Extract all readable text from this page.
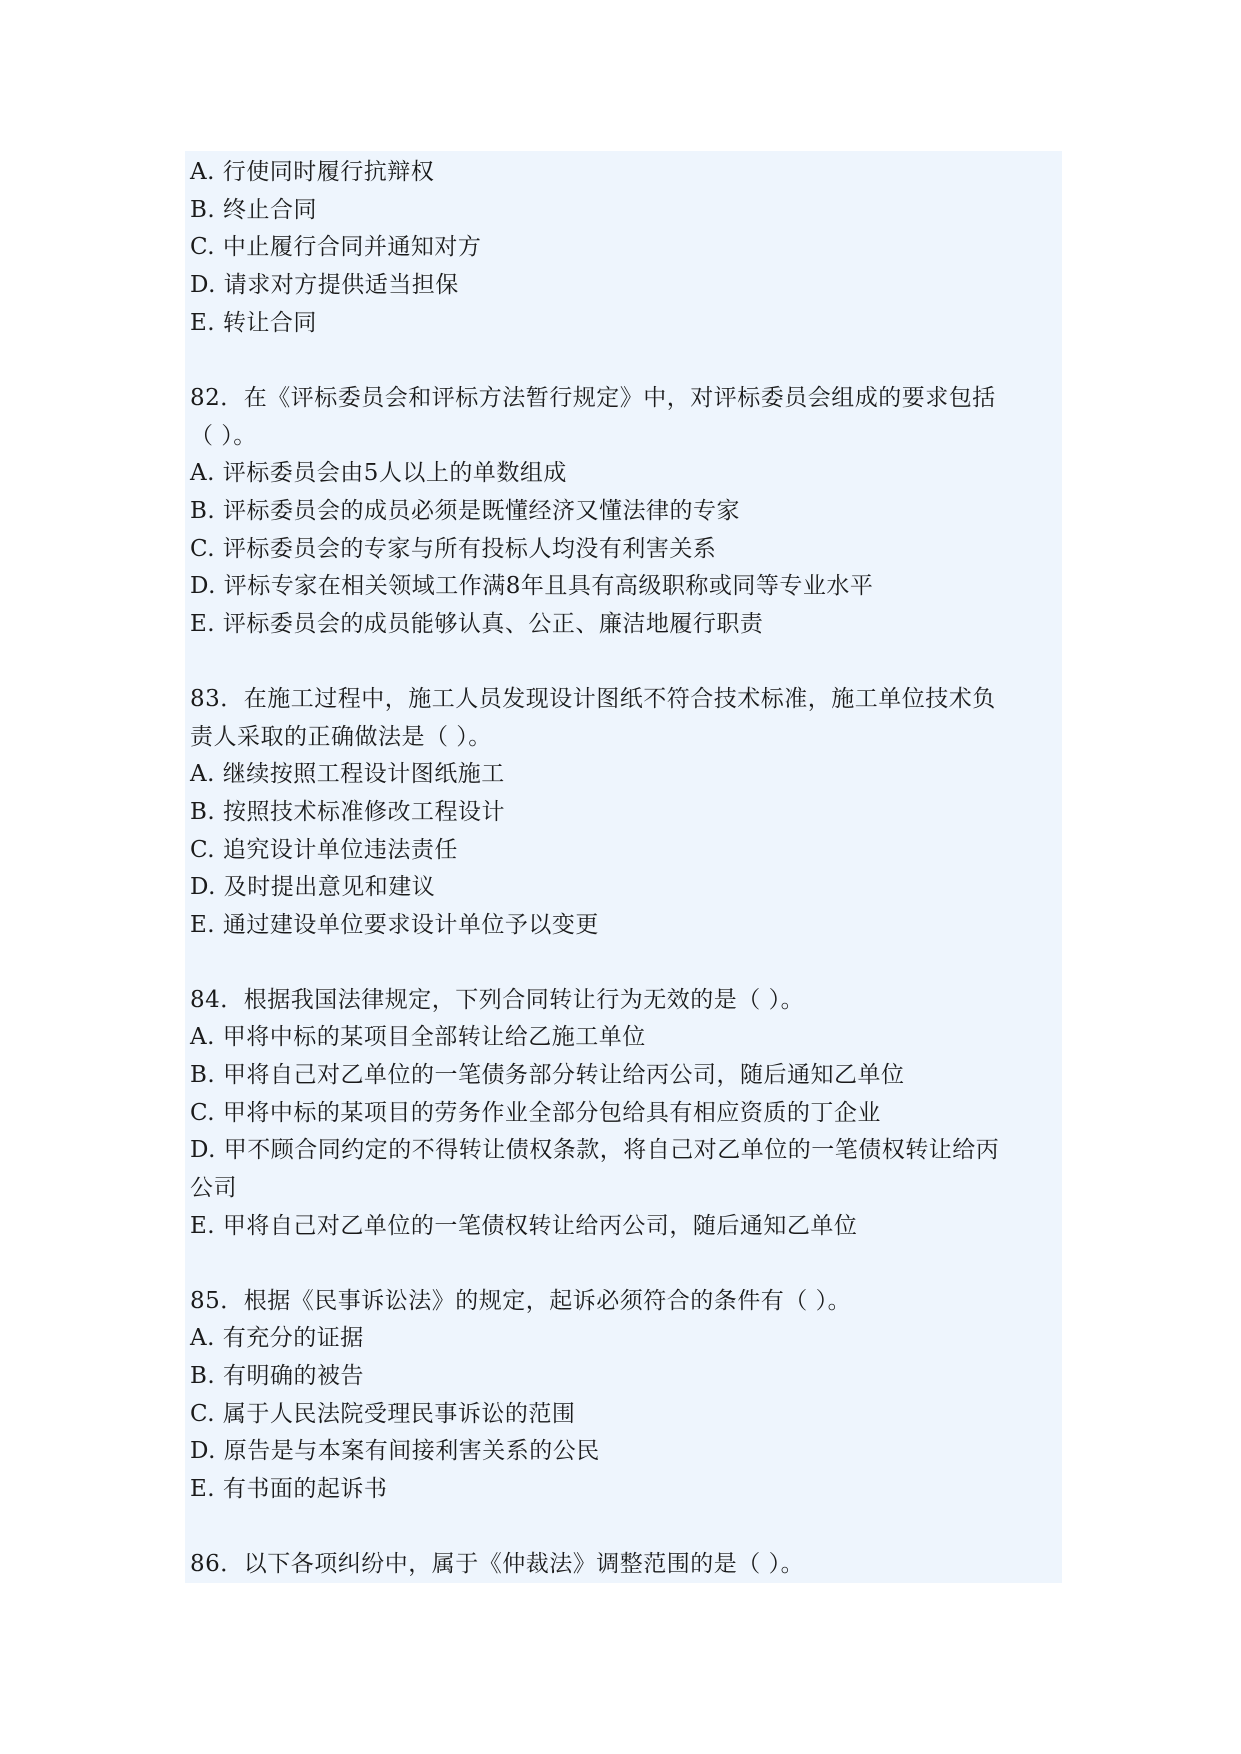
A. 行使同时履行抗辩权
B. 终止合同
C. 中止履行合同并通知对方
D. 请求对方提供适当担保
E. 转让合同
82．在《评标委员会和评标方法暂行规定》中，对评标委员会组成的要求包括
（ ）。
A. 评标委员会由5人以上的单数组成
B. 评标委员会的成员必须是既懂经济又懂法律的专家
C. 评标委员会的专家与所有投标人均没有利害关系
D. 评标专家在相关领域工作满8年且具有高级职称或同等专业水平
E. 评标委员会的成员能够认真、公正、廉洁地履行职责
83．在施工过程中，施工人员发现设计图纸不符合技术标准，施工单位技术负
责人采取的正确做法是（ ）。
A. 继续按照工程设计图纸施工
B. 按照技术标准修改工程设计
C. 追究设计单位违法责任
D. 及时提出意见和建议
E. 通过建设单位要求设计单位予以变更
84．根据我国法律规定，下列合同转让行为无效的是（ ）。
A. 甲将中标的某项目全部转让给乙施工单位
B. 甲将自己对乙单位的一笔债务部分转让给丙公司，随后通知乙单位
C. 甲将中标的某项目的劳务作业全部分包给具有相应资质的丁企业
D. 甲不顾合同约定的不得转让债权条款，将自己对乙单位的一笔债权转让给丙
公司
E. 甲将自己对乙单位的一笔债权转让给丙公司，随后通知乙单位
85．根据《民事诉讼法》的规定，起诉必须符合的条件有（ ）。
A. 有充分的证据
B. 有明确的被告
C. 属于人民法院受理民事诉讼的范围
D. 原告是与本案有间接利害关系的公民
E. 有书面的起诉书
86．以下各项纠纷中，属于《仲裁法》调整范围的是（ ）。
